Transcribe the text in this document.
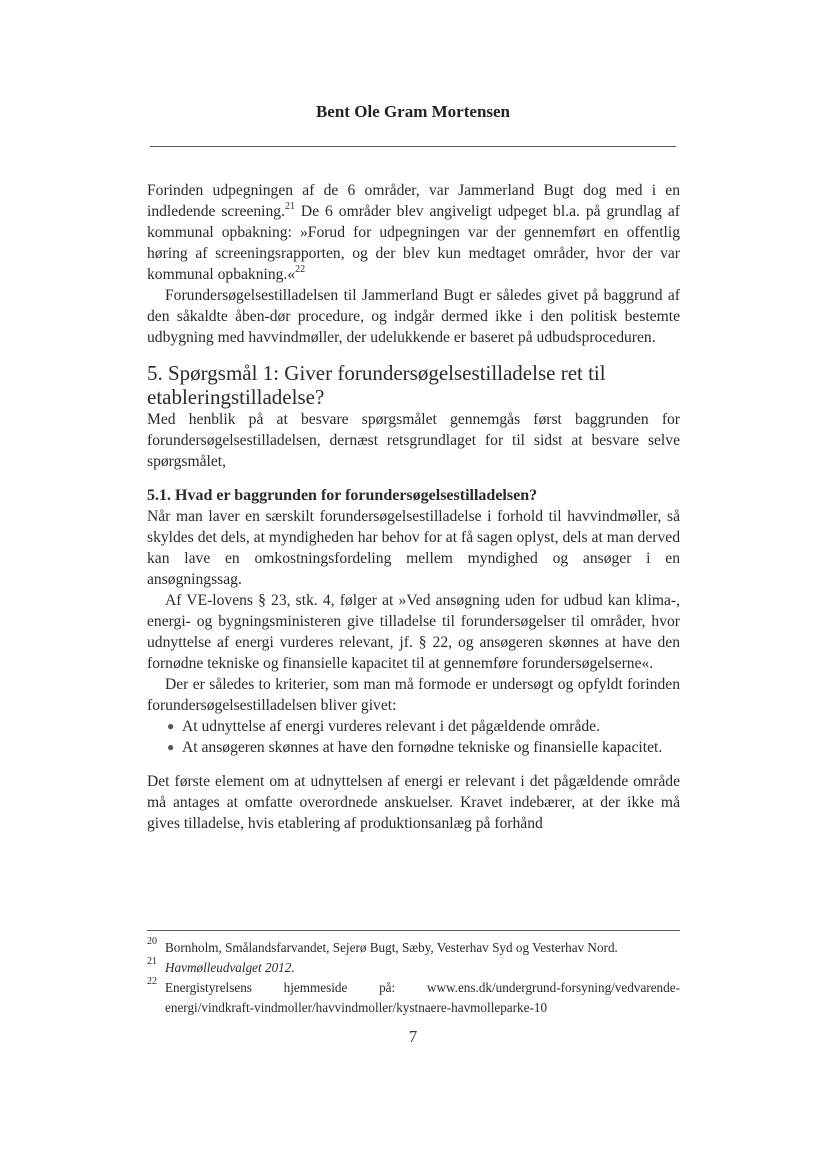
Bent Ole Gram Mortensen

Forinden udpegningen af de 6 områder, var Jammerland Bugt dog med i en indledende screening.$^{21}$ De 6 områder blev angiveligt udpeget bl.a. på grundlag af kommunal opbakning: »Forud for udpegningen var der gennemført en offentlig høring af screeningsrapporten, og der blev kun medtaget områder, hvor der var kommunal opbakning.«$^{22}$

Forundersøgelsestilladelsen til Jammerland Bugt er således givet på baggrund af den såkaldte åben-dør procedure, og indgår dermed ikke i den politisk bestemte udbygning med havvindmøller, der udelukkende er baseret på udbudsproceduren.

5. Spørgsmål 1: Giver forundersøgelsestilladelse ret til etableringstilladelse?

Med henblik på at besvare spørgsmålet gennemgås først baggrunden for forundersøgelsestilladelsen, dernæst retsgrundlaget for til sidst at besvare selve spørgsmålet,

5.1. Hvad er baggrunden for forundersøgelsestilladelsen?

Når man laver en særskilt forundersøgelsestilladelse i forhold til havvindmøller, så skyldes det dels, at myndigheden har behov for at få sagen oplyst, dels at man derved kan lave en omkostningsfordeling mellem myndighed og ansøger i en ansøgningssag.

Af VE-lovens § 23, stk. 4, følger at »Ved ansøgning uden for udbud kan klima-, energi- og bygningsministeren give tilladelse til forundersøgelser til områder, hvor udnyttelse af energi vurderes relevant, jf. § 22, og ansøgeren skønnes at have den fornødne tekniske og finansielle kapacitet til at gennemføre forundersøgelserne«.

Der er således to kriterier, som man må formode er undersøgt og opfyldt forinden forundersøgelsestilladelsen bliver givet:

● At udnyttelse af energi vurderes relevant i det pågældende område.
● At ansøgeren skønnes at have den fornødne tekniske og finansielle kapacitet.

Det første element om at udnyttelsen af energi er relevant i det pågældende område må antages at omfatte overordnede anskuelser. Kravet indebærer, at der ikke må gives tilladelse, hvis etablering af produktionsanlæg på forhånd

20 Bornholm, Smålandsfarvandet, Sejerø Bugt, Sæby, Vesterhav Syd og Vesterhav Nord.
21 Havmølleudvalget 2012.
22 Energistyrelsens hjemmeside på: www.ens.dk/undergrund-forsyning/vedvarende-energi/vindkraft-vindmoller/havvindmoller/kystnaere-havmolleparke-10
7
